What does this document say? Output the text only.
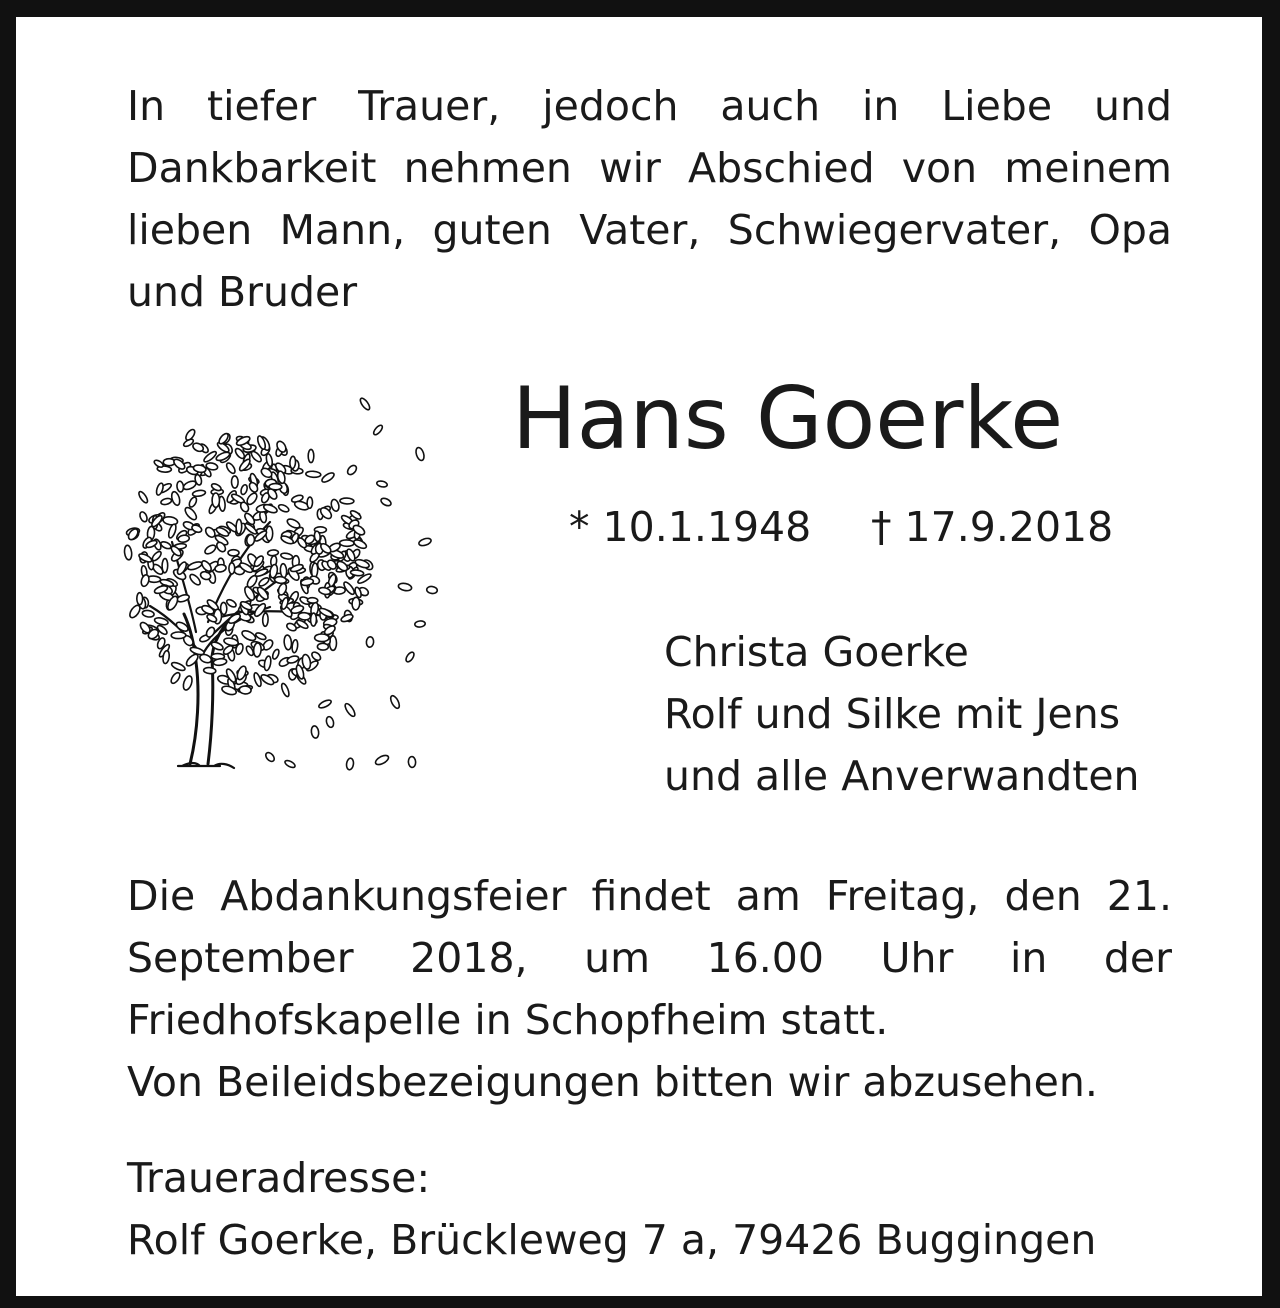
In tiefer Trauer, jedoch auch in Liebe und Dankbarkeit nehmen wir Abschied von meinem lieben Mann, guten Vater, Schwiegervater, Opa und Bruder

Hans Goerke
* 10.1.1948 † 17.9.2018
Christa Goerke
Rolf und Silke mit Jens
und alle Anverwandten
Die Abdankungsfeier findet am Freitag, den 21. September 2018, um 16.00 Uhr in der Friedhofskapelle in Schopfheim statt.
Von Beileidsbezeigungen bitten wir abzusehen.
Traueradresse:
Rolf Goerke, Brückleweg 7 a, 79426 Buggingen
